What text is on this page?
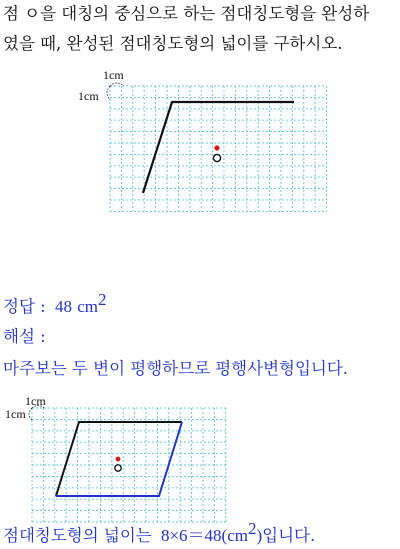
점 ㅇ을 대칭의 중심으로 하는 점대칭도형을 완성하
였을 때, 완성된 점대칭도형의 넓이를 구하시오.
1cm
1cm
정답 : 48 $cm^2$
해설 :
마주보는 두 변이 평행하므로 평행사변형입니다.
1cm
1cm
점대칭도형의 넓이는 $8\times 6=48(cm^2)$입니다.
